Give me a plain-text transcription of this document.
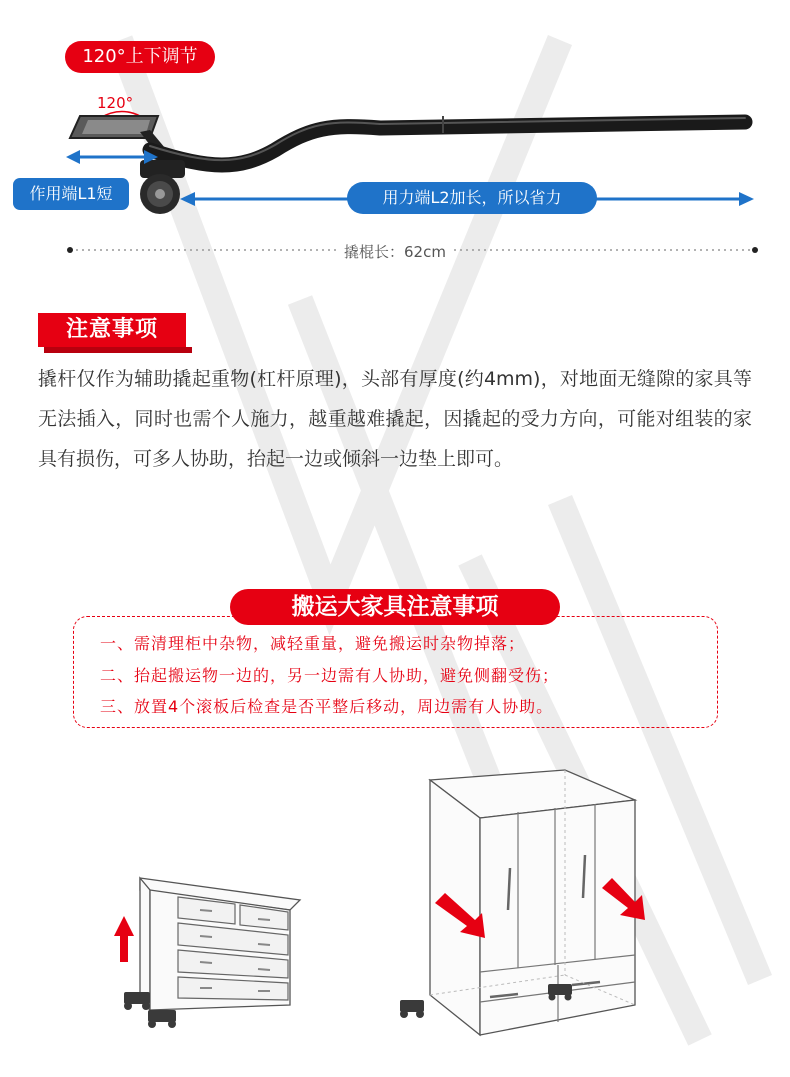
120°上下调节
120°
作用端L1短	用力端L2加长，所以省力
撬棍长：62cm
注意事项
撬杆仅作为辅助撬起重物(杠杆原理)，头部有厚度(约4mm)，对地面无缝隙的家具等无法插入，同时也需个人施力，越重越难撬起，因撬起的受力方向，可能对组装的家具有损伤，可多人协助，抬起一边或倾斜一边垫上即可。
搬运大家具注意事项
一、需清理柜中杂物，减轻重量，避免搬运时杂物掉落；
二、抬起搬运物一边的，另一边需有人协助，避免侧翻受伤；
三、放置4个滚板后检查是否平整后移动，周边需有人协助。
